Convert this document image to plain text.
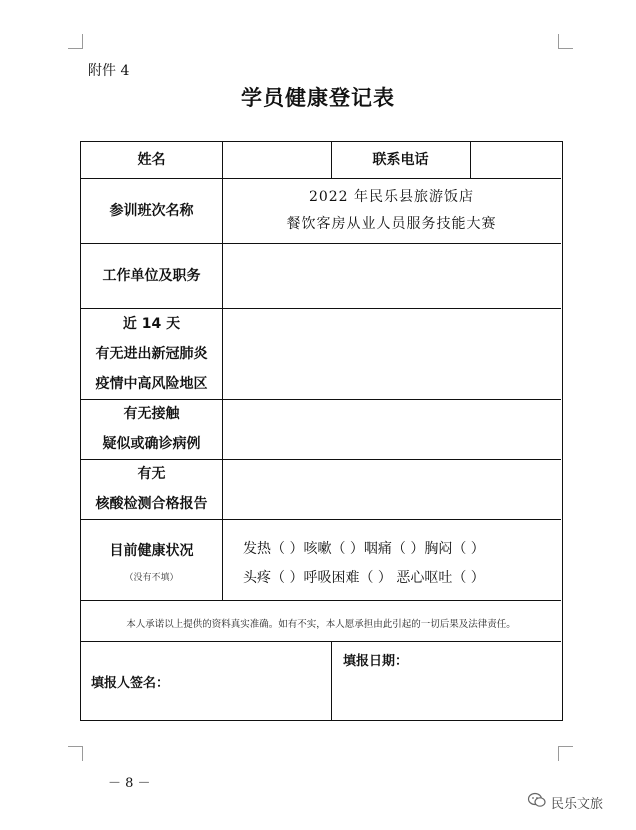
附件 4
学员健康登记表
姓名	联系电话
参训班次名称
2022 年民乐县旅游饭店
餐饮客房从业人员服务技能大赛
工作单位及职务
近 14 天
有无进出新冠肺炎
疫情中高风险地区
有无接触
疑似或确诊病例
有无
核酸检测合格报告
目前健康状况
（没有不填）
发热（ ）咳嗽（ ）咽痛（ ）胸闷（ ）
头疼（ ）呼吸困难（ ） 恶心呕吐（ ）
本人承诺以上提供的资料真实准确。如有不实，本人愿承担由此引起的一切后果及法律责任。
填报人签名：
填报日期：
－ 8 －
民乐文旅
